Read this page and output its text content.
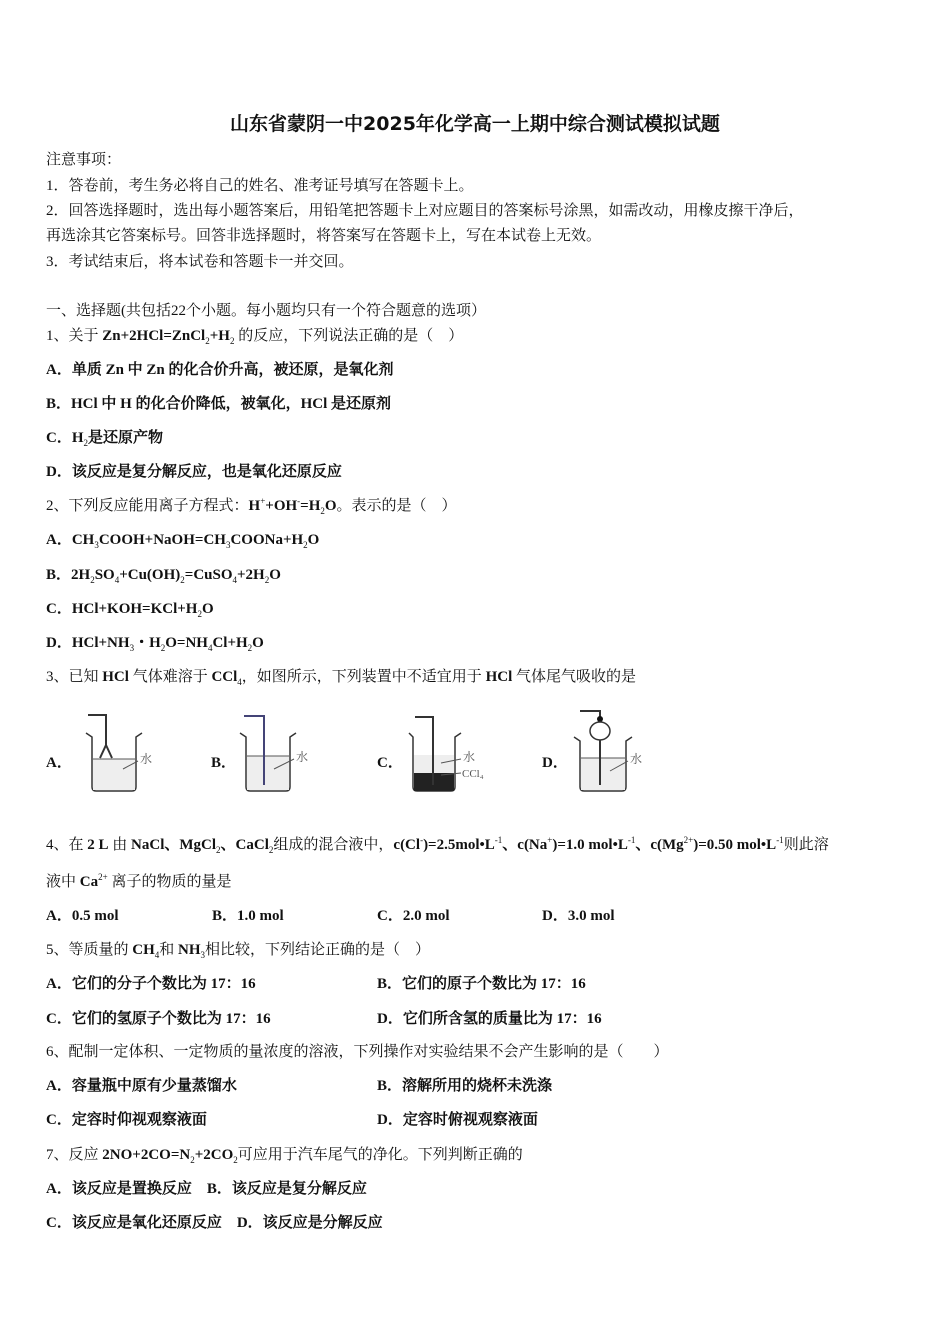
山东省蒙阴一中2025年化学高一上期中综合测试模拟试题
注意事项：
1．答卷前，考生务必将自己的姓名、准考证号填写在答题卡上。
2．回答选择题时，选出每小题答案后，用铅笔把答题卡上对应题目的答案标号涂黑，如需改动，用橡皮擦干净后，
再选涂其它答案标号。回答非选择题时，将答案写在答题卡上，写在本试卷上无效。
3．考试结束后，将本试卷和答题卡一并交回。
一、选择题(共包括22个小题。每小题均只有一个符合题意的选项）
1、关于 $Zn+2HCl=ZnCl_2+H_2$ 的反应，下列说法正确的是（　）
A．单质 Zn 中 Zn 的化合价升高，被还原，是氧化剂
B．HCl 中 H 的化合价降低，被氧化，HCl 是还原剂
C．$H_2$是还原产物
D．该反应是复分解反应，也是氧化还原反应
2、下列反应能用离子方程式：$H^++OH^-=H_2O$。表示的是（　）
A．$CH_3COOH+NaOH=CH_3COONa+H_2O$
B．$2H_2SO_4+Cu(OH)_2=CuSO_4+2H_2O$
C．$HCl+KOH=KCl+H_2O$
D．$HCl+NH_3$・$H_2O=NH_4Cl+H_2O$
3、已知 HCl 气体难溶于 CCl$_4$，如图所示，下列装置中不适宜用于 HCl 气体尾气吸收的是
4、在 2 L 由 NaCl、MgCl$_2$、CaCl$_2$组成的混合液中，$c(Cl^-)=2.5mol•L^{-1}$、c(Na+)=1.0 $mol•L^{-1}$、$c(Mg^{2+})=0.50$ $mol•L^{-1}$则此溶
液中 $Ca^{2+}$ 离子的物质的量是
A．0.5 mol	B．1.0 mol	C．2.0 mol	D．3.0 mol
5、等质量的 $CH_4$和 $NH_3$相比较，下列结论正确的是（　）
A．它们的分子个数比为 17：16	B．它们的原子个数比为 17：16
C．它们的氢原子个数比为 17：16	D．它们所含氢的质量比为 17：16
6、配制一定体积、一定物质的量浓度的溶液，下列操作对实验结果不会产生影响的是（　　）
A．容量瓶中原有少量蒸馏水	B．溶解所用的烧杯未洗涤
C．定容时仰视观察液面	D．定容时俯视观察液面
7、反应 $2NO+2CO=N_2+2CO_2$可应用于汽车尾气的净化。下列判断正确的
A．该反应是置换反应　B．该反应是复分解反应
C．该反应是氧化还原反应　D．该反应是分解反应
A．	B．	C．	D．
水	水	水
CCl₄
水
